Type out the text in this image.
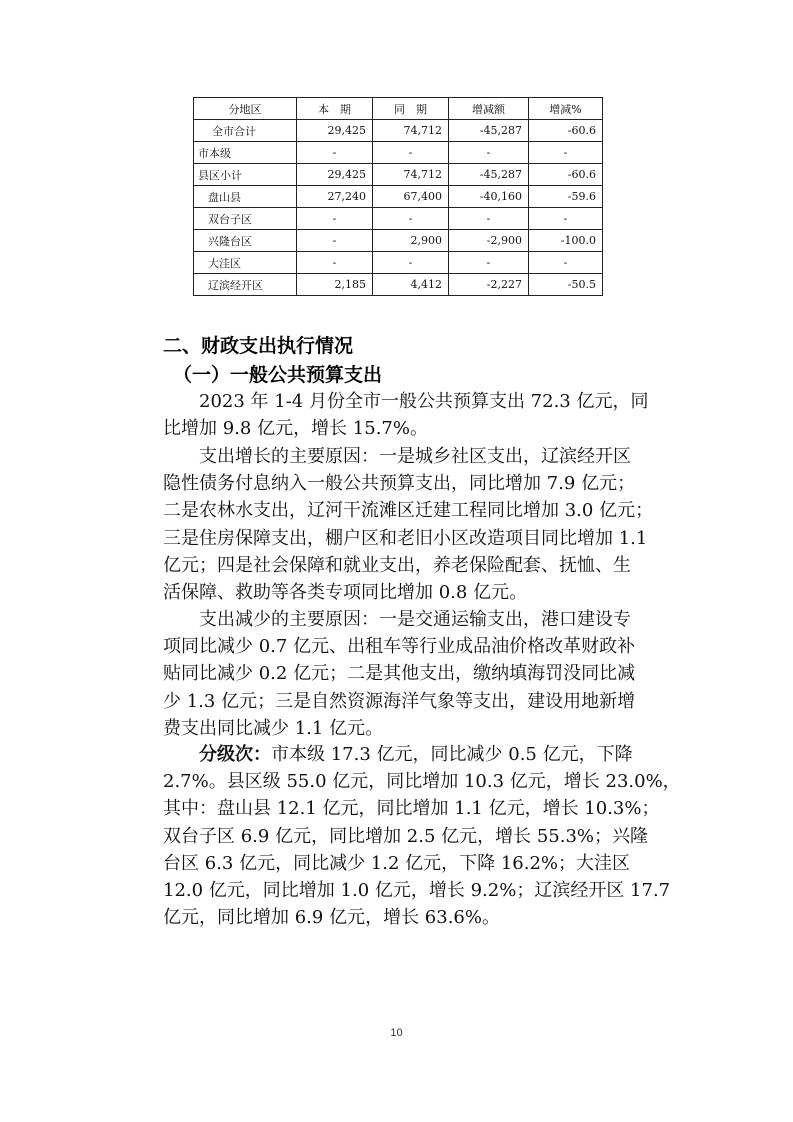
分地区	本　期	同　期	增减额	增减%
全市合计	29,425	74,712	-45,287	-60.6
市本级	-	-	-	-
县区小计	29,425	74,712	-45,287	-60.6
盘山县	27,240	67,400	-40,160	-59.6
双台子区	-	-	-	-
兴隆台区	-	2,900	-2,900	-100.0
大洼区	-	-	-	-
辽滨经开区	2,185	4,412	-2,227	-50.5
二、财政支出执行情况
（一）一般公共预算支出
　　2023 年 1-4 月份全市一般公共预算支出 72.3 亿元，同
比增加 9.8 亿元，增长 15.7%。
　　支出增长的主要原因：一是城乡社区支出，辽滨经开区
隐性债务付息纳入一般公共预算支出，同比增加 7.9 亿元；
二是农林水支出，辽河干流滩区迁建工程同比增加 3.0 亿元；
三是住房保障支出，棚户区和老旧小区改造项目同比增加 1.1
亿元；四是社会保障和就业支出，养老保险配套、抚恤、生
活保障、救助等各类专项同比增加 0.8 亿元。
　　支出减少的主要原因：一是交通运输支出，港口建设专
项同比减少 0.7 亿元、出租车等行业成品油价格改革财政补
贴同比减少 0.2 亿元；二是其他支出，缴纳填海罚没同比减
少 1.3 亿元；三是自然资源海洋气象等支出，建设用地新增
费支出同比减少 1.1 亿元。
　　分级次：市本级 17.3 亿元，同比减少 0.5 亿元，下降
2.7%。县区级 55.0 亿元，同比增加 10.3 亿元，增长 23.0%，
其中：盘山县 12.1 亿元，同比增加 1.1 亿元，增长 10.3%；
双台子区 6.9 亿元，同比增加 2.5 亿元，增长 55.3%；兴隆
台区 6.3 亿元，同比减少 1.2 亿元，下降 16.2%；大洼区
12.0 亿元，同比增加 1.0 亿元，增长 9.2%；辽滨经开区 17.7
亿元，同比增加 6.9 亿元，增长 63.6%。
10
